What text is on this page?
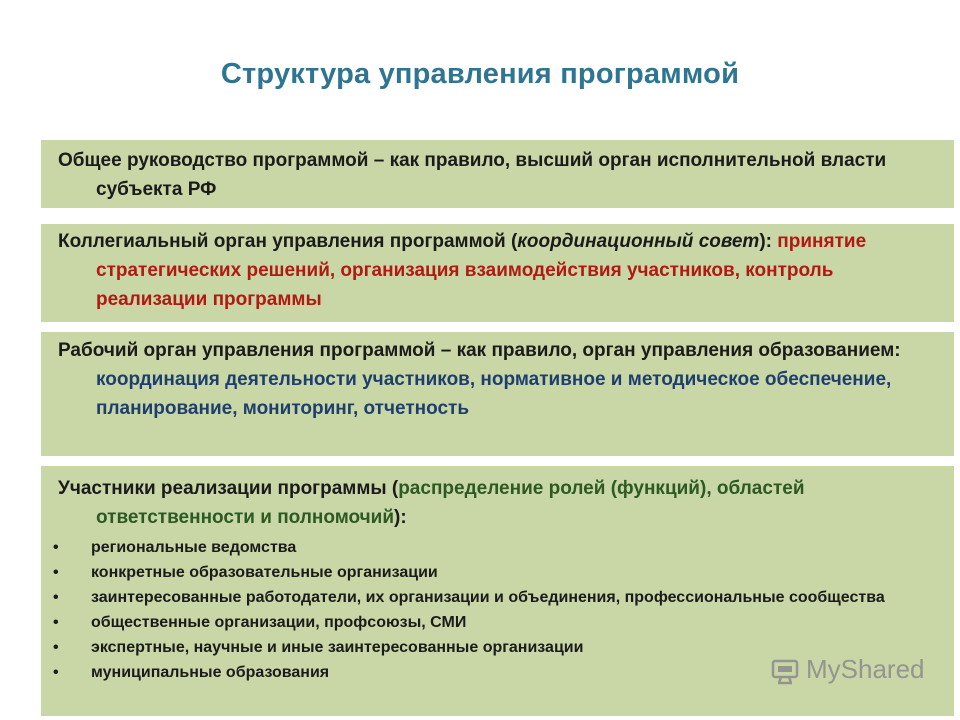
Структура управления программой

Общее руководство программой – как правило, высший орган исполнительной власти субъекта РФ

Коллегиальный орган управления программой (координационный совет): принятие стратегических решений, организация взаимодействия участников, контроль реализации программы

Рабочий орган управления программой – как правило, орган управления образованием: координация деятельности участников, нормативное и методическое обеспечение, планирование, мониторинг, отчетность

Участники реализации программы (распределение ролей (функций), областей ответственности и полномочий):

• региональные ведомства
• конкретные образовательные организации
• заинтересованные работодатели, их организации и объединения, профессиональные сообщества
• общественные организации, профсоюзы, СМИ
• экспертные, научные и иные заинтересованные организации
• муниципальные образования	MyShared
